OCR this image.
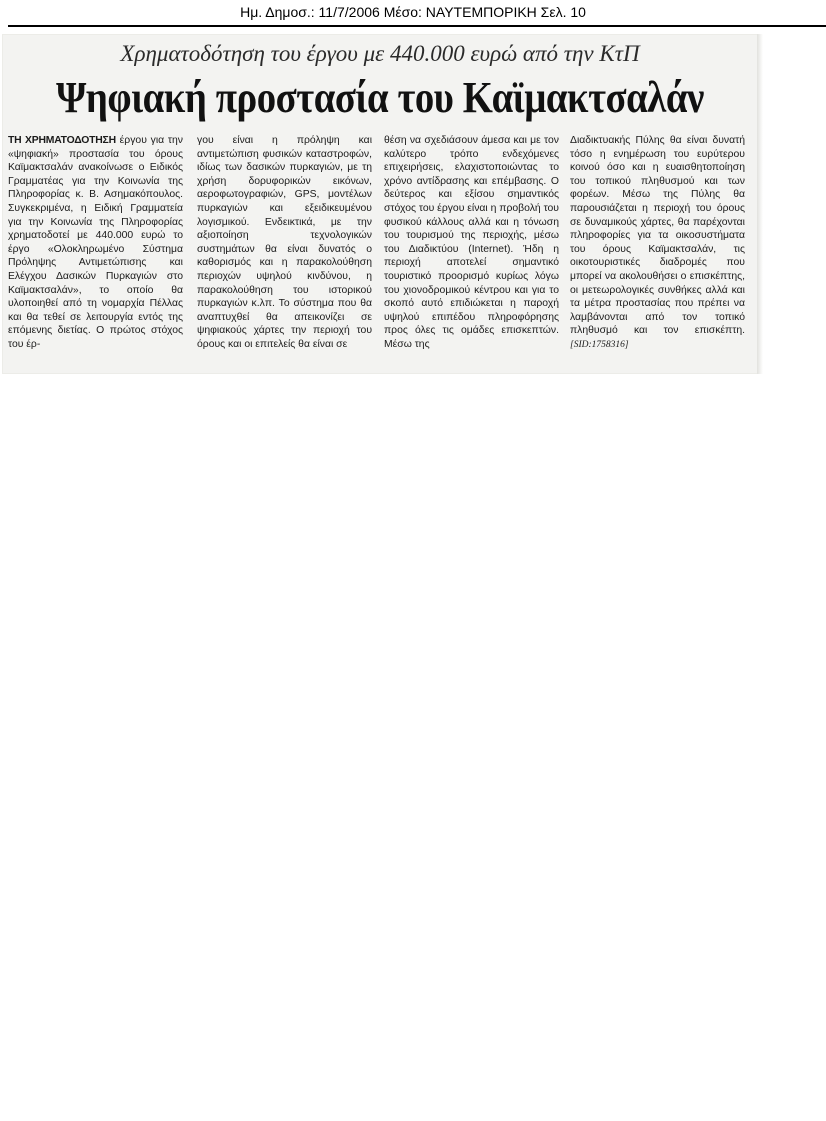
Ημ. Δημοσ.: 11/7/2006 Μέσο: ΝΑΥΤΕΜΠΟΡΙΚΗ Σελ. 10
Χρηματοδότηση του έργου με 440.000 ευρώ από την ΚτΠ
Ψηφιακή προστασία του Καϊμακτσαλάν
ΤΗ ΧΡΗΜΑΤΟΔΟΤΗΣΗ έργου για την «ψηφιακή» προστασία του όρους Καϊμακτσαλάν ανακοίνωσε ο Ειδικός Γραμματέας για την Κοινωνία της Πληροφορίας κ. Β. Ασημακόπουλος. Συγκεκριμένα, η Ειδική Γραμματεία για την Κοινωνία της Πληροφορίας χρηματοδοτεί με 440.000 ευρώ το έργο «Ολοκληρωμένο Σύστημα Πρόληψης Αντιμετώπισης και Ελέγχου Δασικών Πυρκαγιών στο Καϊμακτσαλάν», το οποίο θα υλοποιηθεί από τη νομαρχία Πέλλας και θα τεθεί σε λειτουργία εντός της επόμενης διετίας. Ο πρώτος στόχος του έρ-
γου είναι η πρόληψη και αντιμετώπιση φυσικών καταστροφών, ιδίως των δασικών πυρκαγιών, με τη χρήση δορυφορικών εικόνων, αεροφωτογραφιών, GPS, μοντέλων πυρκαγιών και εξειδικευμένου λογισμικού. Ενδεικτικά, με την αξιοποίηση τεχνολογικών συστημάτων θα είναι δυνατός ο καθορισμός και η παρακολούθηση περιοχών υψηλού κινδύνου, η παρακολούθηση του ιστορικού πυρκαγιών κ.λπ. Το σύστημα που θα αναπτυχθεί θα απεικονίζει σε ψηφιακούς χάρτες την περιοχή του όρους και οι επιτελείς θα είναι σε
θέση να σχεδιάσουν άμεσα και με τον καλύτερο τρόπο ενδεχόμενες επιχειρήσεις, ελαχιστοποιώντας το χρόνο αντίδρασης και επέμβασης. Ο δεύτερος και εξίσου σημαντικός στόχος του έργου είναι η προβολή του φυσικού κάλλους αλλά και η τόνωση του τουρισμού της περιοχής, μέσω του Διαδικτύου (Internet). Ήδη η περιοχή αποτελεί σημαντικό τουριστικό προορισμό κυρίως λόγω του χιονοδρομικού κέντρου και για το σκοπό αυτό επιδιώκεται η παροχή υψηλού επιπέδου πληροφόρησης προς όλες τις ομάδες επισκεπτών. Μέσω της
Διαδικτυακής Πύλης θα είναι δυνατή τόσο η ενημέρωση του ευρύτερου κοινού όσο και η ευαισθητοποίηση του τοπικού πληθυσμού και των φορέων. Μέσω της Πύλης θα παρουσιάζεται η περιοχή του όρους σε δυναμικούς χάρτες, θα παρέχονται πληροφορίες για τα οικοσυστήματα του όρους Καϊμακτσαλάν, τις οικοτουριστικές διαδρομές που μπορεί να ακολουθήσει ο επισκέπτης, οι μετεωρολογικές συνθήκες αλλά και τα μέτρα προστασίας που πρέπει να λαμβάνονται από τον τοπικό πληθυσμό και τον επισκέπτη. [SID:1758316]
